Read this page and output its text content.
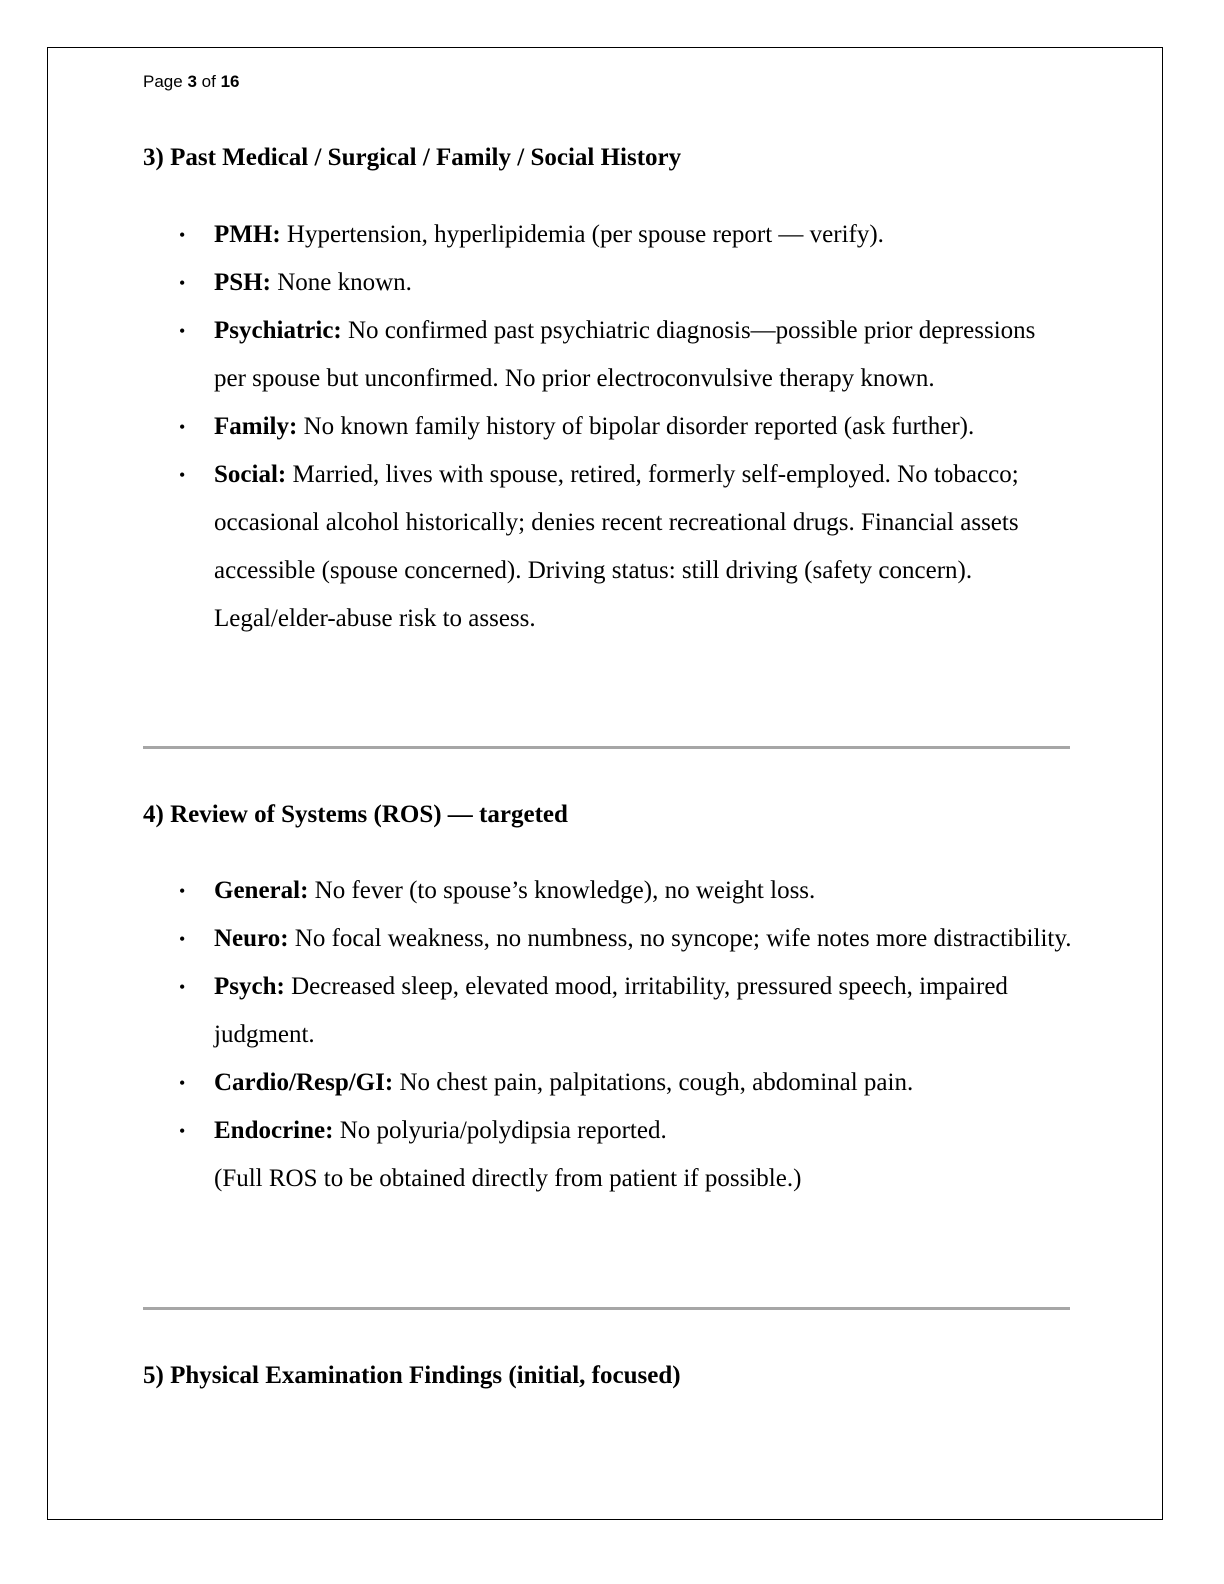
Page 3 of 16
3) Past Medical / Surgical / Family / Social History
• PMH: Hypertension, hyperlipidemia (per spouse report — verify).
• PSH: None known.
• Psychiatric: No confirmed past psychiatric diagnosis—possible prior depressions per spouse but unconfirmed. No prior electroconvulsive therapy known.
• Family: No known family history of bipolar disorder reported (ask further).
• Social: Married, lives with spouse, retired, formerly self-employed. No tobacco; occasional alcohol historically; denies recent recreational drugs. Financial assets accessible (spouse concerned). Driving status: still driving (safety concern). Legal/elder-abuse risk to assess.
4) Review of Systems (ROS) — targeted
• General: No fever (to spouse’s knowledge), no weight loss.
• Neuro: No focal weakness, no numbness, no syncope; wife notes more distractibility.
• Psych: Decreased sleep, elevated mood, irritability, pressured speech, impaired judgment.
• Cardio/Resp/GI: No chest pain, palpitations, cough, abdominal pain.
• Endocrine: No polyuria/polydipsia reported.
(Full ROS to be obtained directly from patient if possible.)
5) Physical Examination Findings (initial, focused)
